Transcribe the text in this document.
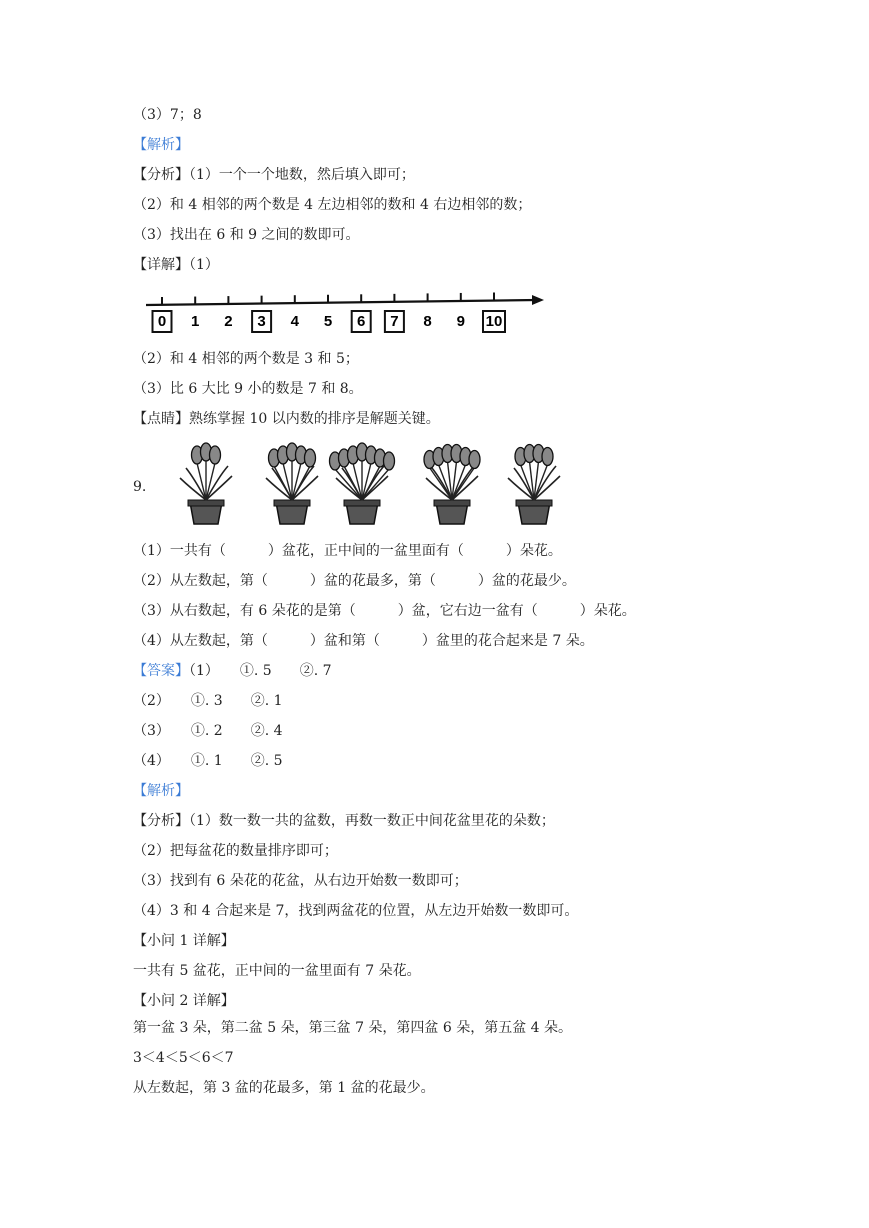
（3）7；8
【解析】
【分析】（1）一个一个地数，然后填入即可；
（2）和 4 相邻的两个数是 4 左边相邻的数和 4 右边相邻的数；
（3）找出在 6 和 9 之间的数即可。
【详解】（1）
0 1 2 3 4 5 6 7 8 9 10
（2）和 4 相邻的两个数是 3 和 5；
（3）比 6 大比 9 小的数是 7 和 8。
【点睛】熟练掌握 10 以内数的排序是解题关键。
9.
（1）一共有（　　　）盆花，正中间的一盆里面有（　　　）朵花。
（2）从左数起，第（　　　）盆的花最多，第（　　　）盆的花最少。
（3）从右数起，有 6 朵花的是第（　　　）盆，它右边一盆有（　　　）朵花。
（4）从左数起，第（　　　）盆和第（　　　）盆里的花合起来是 7 朵。
【答案】（1）　　①. 5　　②. 7
（2）　　①. 3　　②. 1
（3）　　①. 2　　②. 4
（4）　　①. 1　　②. 5
【解析】
【分析】（1）数一数一共的盆数，再数一数正中间花盆里花的朵数；
（2）把每盆花的数量排序即可；
（3）找到有 6 朵花的花盆，从右边开始数一数即可；
（4）3 和 4 合起来是 7，找到两盆花的位置，从左边开始数一数即可。
【小问 1 详解】
一共有 5 盆花，正中间的一盆里面有 7 朵花。
【小问 2 详解】
第一盆 3 朵，第二盆 5 朵，第三盆 7 朵，第四盆 6 朵，第五盆 4 朵。
3＜4＜5＜6＜7
从左数起，第 3 盆的花最多，第 1 盆的花最少。
